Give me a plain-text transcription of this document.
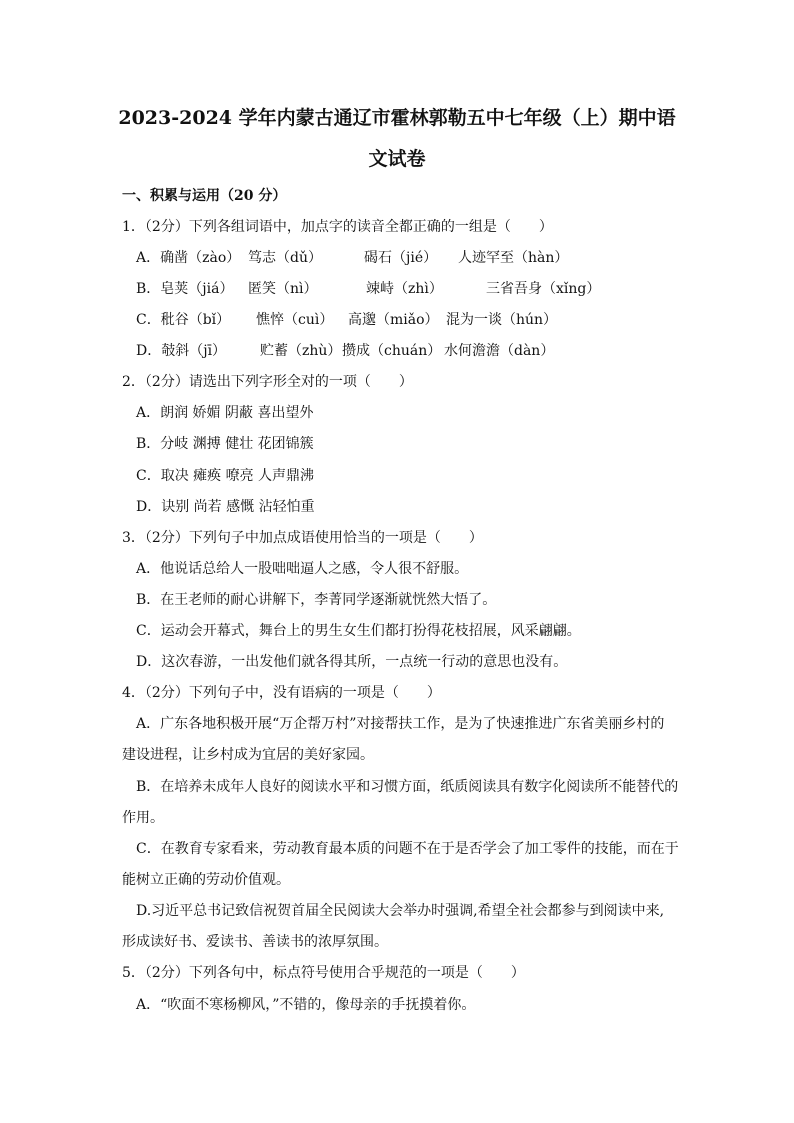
2023-2024 学年内蒙古通辽市霍林郭勒五中七年级（上）期中语
文试卷
一、积累与运用（20 分）
1．（2分）下列各组词语中，加点字的读音全都正确的一组是（　　）
A．确凿（zào） 笃志（dǔ）	碣石（jié） 人迹罕至（hàn）
B．皂荚（jiá） 匿笑（nì）	竦峙（zhì）	三省吾身（xǐng）
C．秕谷（bǐ） 憔悴（cuì） 高邈（miǎo） 混为一谈（hún）
D．攲斜（jī） 贮蓄（zhù）攒成（chuán） 水何澹澹（dàn）
2．（2分）请选出下列字形全对的一项（　　）
A．朗润 娇媚 阴蔽 喜出望外
B．分岐 渊搏 健壮 花团锦簇
C．取决 瘫痪 嘹亮 人声鼎沸
D．诀别 尚若 感慨 沾轻怕重
3．（2分）下列句子中加点成语使用恰当的一项是（　　）
A．他说话总给人一股咄咄逼人之感，令人很不舒服。
B．在王老师的耐心讲解下，李菁同学逐渐就恍然大悟了。
C．运动会开幕式，舞台上的男生女生们都打扮得花枝招展，风采翩翩。
D．这次春游，一出发他们就各得其所，一点统一行动的意思也没有。
4．（2分）下列句子中，没有语病的一项是（　　）
A．广东各地积极开展“万企帮万村”对接帮扶工作，是为了快速推进广东省美丽乡村的
建设进程，让乡村成为宜居的美好家园。
B．在培养未成年人良好的阅读水平和习惯方面，纸质阅读具有数字化阅读所不能替代的
作用。
C．在教育专家看来，劳动教育最本质的问题不在于是否学会了加工零件的技能，而在于
能树立正确的劳动价值观。
D.习近平总书记致信祝贺首届全民阅读大会举办时强调,希望全社会都参与到阅读中来,
形成读好书、爱读书、善读书的浓厚氛围。
5．（2分）下列各句中，标点符号使用合乎规范的一项是（　　）
A．“吹面不寒杨柳风，”不错的，像母亲的手抚摸着你。
